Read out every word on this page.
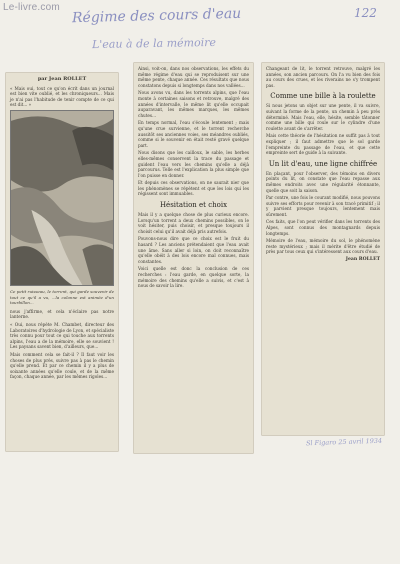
Le-livre.com Régime des cours d'eau
L'eau à de la mémoire
122
par Jean ROLLET

« Mais oui, tout ce qu'on écrit dans un journal est bien vite oublié, et les chroniqueurs... Mais je n'ai pas l'habitude de tenir compte de ce qui est dit... »

Ce petit ruisseau, le torrent, qui garde souvenir de tout ce qu'il a vu, ...la colonne est animée d'un tourbillon...

nous j'affirme, et cela n'éclaire pas notre lanterne.

« Oui, nous répète M. Chambet, directeur des Laboratoires d'hydrologie de Lyon, et spécialiste très connu pour tout ce qui touche aux torrents alpins, l'eau a de la mémoire, elle se souvient ! Les paysans savent bien, d'ailleurs, que...

Mais comment cela se fait-il ? Il faut voir les choses de plus près, suivre pas à pas le chemin qu'elle prend. Et par ce chemin il y a plus de soixante années qu'elle coule, et de la même façon, chaque année, par les mêmes rigoles...

Ainsi, voit-on, dans nos observations, les effets du même régime d'eau qui se reproduisent sur une même pente, chaque année. Ces résultats que nous constatons depuis si longtemps dans nos vallées...

Nous avons vu, dans les torrents alpins, que l'eau monte à certaines saisons et retrouve, malgré des années d'intervalle, le même lit qu'elle occupait auparavant, les mêmes marques, les mêmes chutes...

En temps normal, l'eau s'écoule lentement ; mais qu'une crue survienne, et le torrent recherche aussitôt ses anciennes voies, ses méandres oubliés, comme si le souvenir en était resté gravé quelque part.

Nous disons que les cailloux, le sable, les herbes elles-mêmes conservent la trace du passage et guident l'eau vers les chemins qu'elle a déjà parcourus. Telle est l'explication la plus simple que l'on puisse en donner.

Et depuis ces observations, on ne saurait nier que les phénomènes se répètent et que les lois qui les régissent sont immuables.

Hésitation et choix

Mais il y a quelque chose de plus curieux encore. Lorsqu'un torrent a deux chemins possibles, on le voit hésiter, puis choisir, et presque toujours il choisit celui qu'il avait déjà pris autrefois.

Pouvons-nous dire que ce choix est le fruit du hasard ? Les anciens prétendaient que l'eau avait une âme. Sans aller si loin, on doit reconnaître qu'elle obéit à des lois encore mal connues, mais constantes.

Voici quelle est donc la conclusion de ces recherches : l'eau garde, en quelque sorte, la mémoire des chemins qu'elle a suivis, et c'est à nous de savoir la lire.

Changeant de lit, le torrent retrouve, malgré les années, son ancien parcours. On l'a vu bien des fois au cours des crues, et les riverains ne s'y trompent pas.

Comme une bille à la roulette

Si nous jetons un objet sur une pente, il va suivre, suivant la forme de la pente, un chemin à peu près déterminé. Mais l'eau, elle, hésite, semble tâtonner comme une bille qui roule sur le cylindre d'une roulette avant de s'arrêter.

Mais cette théorie de l'hésitation ne suffit pas à tout expliquer ; il faut admettre que le sol garde l'empreinte du passage de l'eau, et que cette empreinte sert de guide à la suivante.

Un lit d'eau, une ligne chiffrée

En plaçant, pour l'observer, des témoins en divers points du lit, on constate que l'eau repasse aux mêmes endroits avec une régularité étonnante, quelle que soit la saison.

Par contre, une fois le courant modifié, nous pouvons suivre ses efforts pour revenir à son tracé primitif ; il y parvient presque toujours, lentement mais sûrement.

Ces faits, que l'on peut vérifier dans les torrents des Alpes, sont connus des montagnards depuis longtemps.

Mémoire de l'eau, mémoire du sol, le phénomène reste mystérieux ; mais il mérite d'être étudié de près par tous ceux qui s'intéressent aux cours d'eau.

Jean ROLLET
Sl Figaro 25 avril 1934
